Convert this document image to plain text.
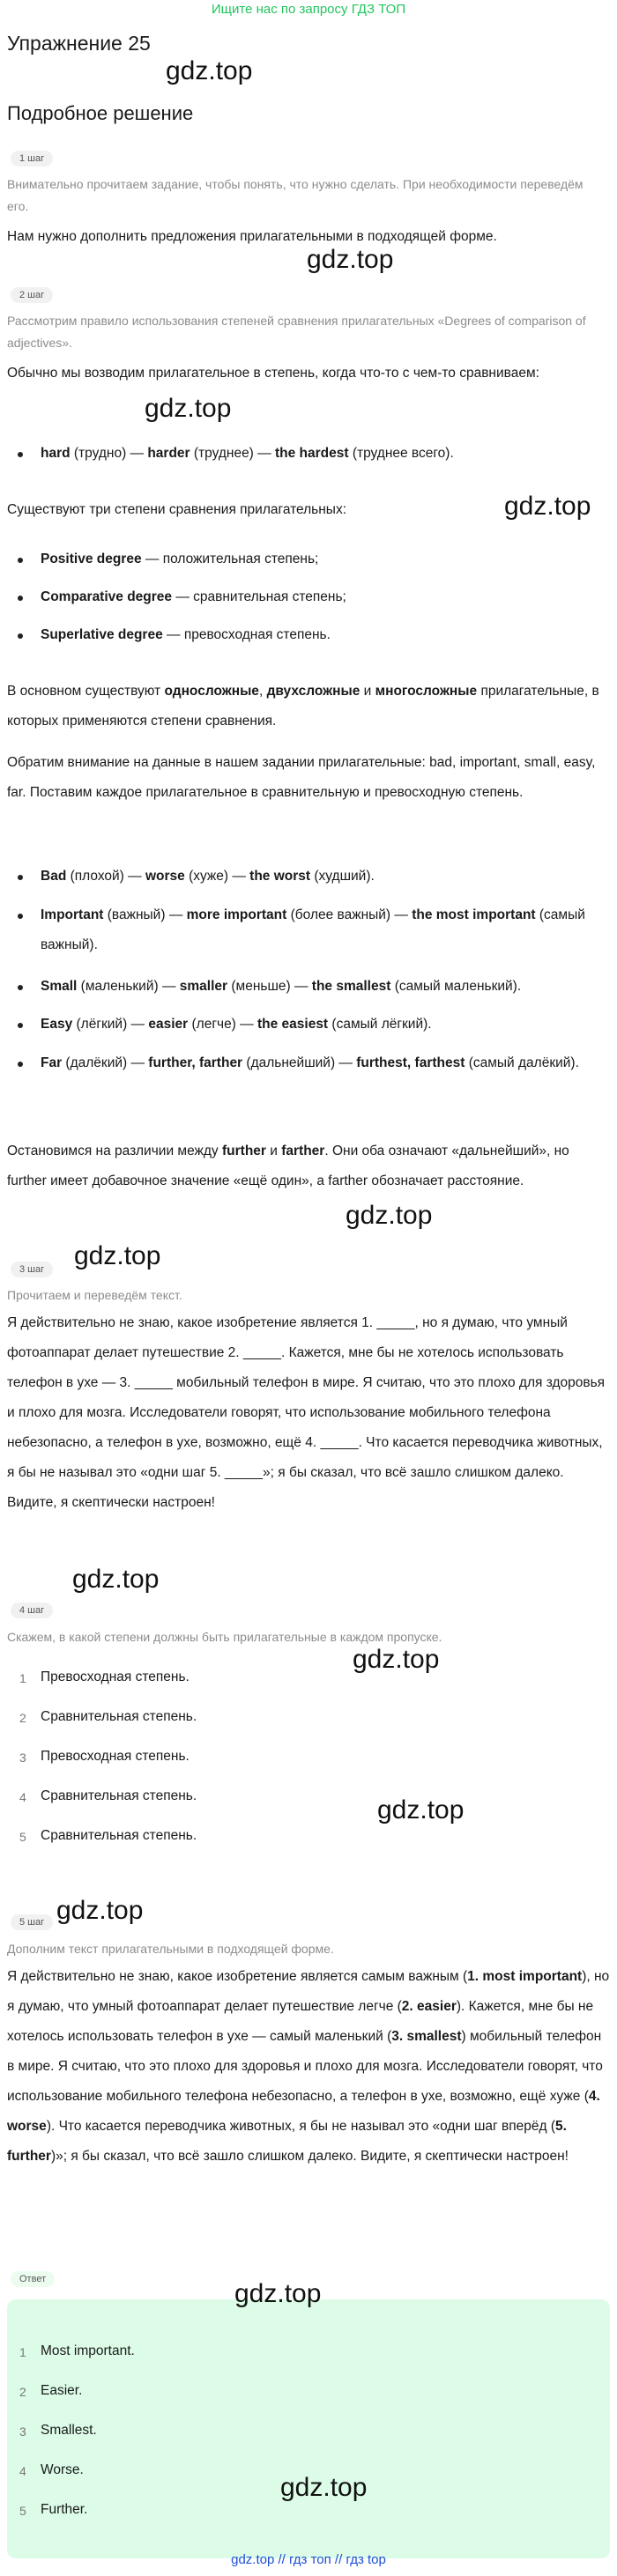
Ищите нас по запросу ГДЗ ТОП
Упражнение 25
gdz.top
Подробное решение
1 шаг
Внимательно прочитаем задание, чтобы понять, что нужно сделать. При необходимости переведём его.
Нам нужно дополнить предложения прилагательными в подходящей форме.
gdz.top
2 шаг
Рассмотрим правило использования степеней сравнения прилагательных «Degrees of comparison of adjectives».
Обычно мы возводим прилагательное в степень, когда что-то с чем-то сравниваем:
gdz.top
hard (трудно) — harder (труднее) — the hardest (труднее всего).
gdz.top
Существуют три степени сравнения прилагательных:
Positive degree — положительная степень;
Comparative degree — сравнительная степень;
Superlative degree — превосходная степень.
В основном существуют односложные, двухсложные и многосложные прилагательные, в которых применяются степени сравнения.
Обратим внимание на данные в нашем задании прилагательные: bad, important, small, easy, far. Поставим каждое прилагательное в сравнительную и превосходную степень.
Bad (плохой) — worse (хуже) — the worst (худший).
Important (важный) — more important (более важный) — the most important (самый важный).
Small (маленький) — smaller (меньше) — the smallest (самый маленький).
Easy (лёгкий) — easier (легче) — the easiest (самый лёгкий).
Far (далёкий) — further, farther (дальнейший) — furthest, farthest (самый далёкий).
Остановимся на различии между further и farther. Они оба означают «дальнейший», но further имеет добавочное значение «ещё один», а farther обозначает расстояние.
gdz.top
3 шаг	gdz.top
Прочитаем и переведём текст.
Я действительно не знаю, какое изобретение является 1. _____, но я думаю, что умный фотоаппарат делает путешествие 2. _____. Кажется, мне бы не хотелось использовать телефон в ухе — 3. _____ мобильный телефон в мире. Я считаю, что это плохо для здоровья и плохо для мозга. Исследователи говорят, что использование мобильного телефона небезопасно, а телефон в ухе, возможно, ещё 4. _____. Что касается переводчика животных, я бы не называл это «одни шаг 5. _____»; я бы сказал, что всё зашло слишком далеко. Видите, я скептически настроен!
gdz.top
4 шаг
Скажем, в какой степени должны быть прилагательные в каждом пропуске.
gdz.top
1 Превосходная степень.
2 Сравнительная степень.
3 Превосходная степень.
4 Сравнительная степень.	gdz.top
5 Сравнительная степень.
5 шаг gdz.top
Дополним текст прилагательными в подходящей форме.
Я действительно не знаю, какое изобретение является самым важным (1. most important), но я думаю, что умный фотоаппарат делает путешествие легче (2. easier). Кажется, мне бы не хотелось использовать телефон в ухе — самый маленький (3. smallest) мобильный телефон в мире. Я считаю, что это плохо для здоровья и плохо для мозга. Исследователи говорят, что использование мобильного телефона небезопасно, а телефон в ухе, возможно, ещё хуже (4. worse). Что касается переводчика животных, я бы не называл это «одни шаг вперёд (5. further)»; я бы сказал, что всё зашло слишком далеко. Видите, я скептически настроен!
Ответ	gdz.top
1 Most important.
2 Easier.
3 Smallest.
4 Worse.
gdz.top
5 Further.
gdz.top // гдз топ // гдз top
